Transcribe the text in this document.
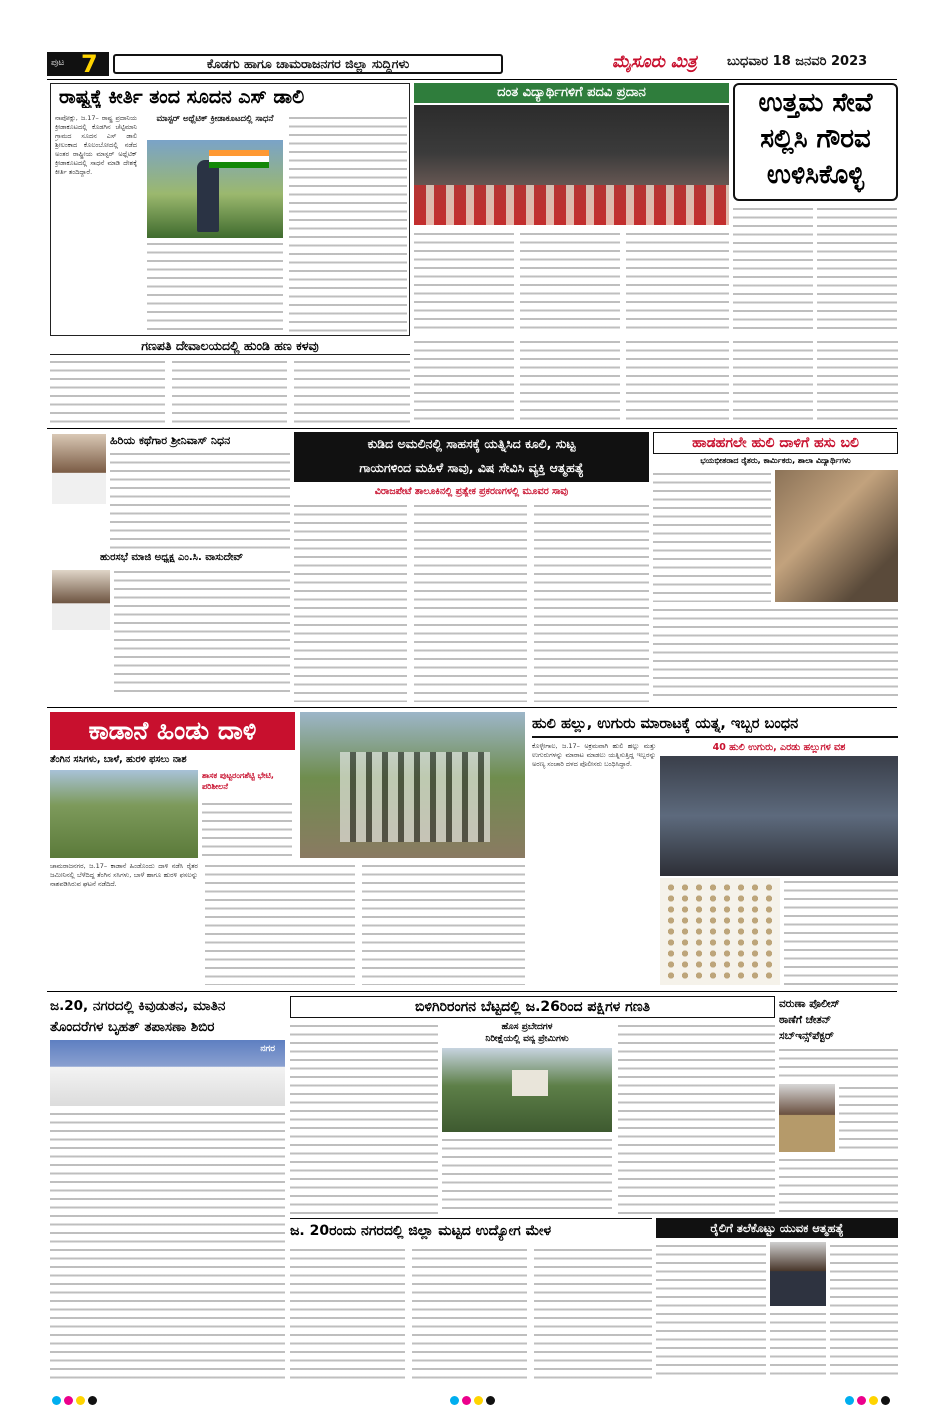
ಪುಟ 7	ಕೊಡಗು ಹಾಗೂ ಚಾಮರಾಜನಗರ ಜಿಲ್ಲಾ ಸುದ್ದಿಗಳು	ಮೈಸೂರು ಮಿತ್ರ ಬುಧವಾರ 18 ಜನವರಿ 2023
ರಾಷ್ಟ್ರಕ್ಕೆ ಕೀರ್ತಿ ತಂದ ಸೂದನ ಎಸ್ ಡಾಲಿ
ನಾಪೋಕ್ಲು, ಜ.17– ರಾಷ್ಟ್ರ ಪ್ರದಾನಿಯ ಕ್ರೀಡಾಕೂಟದಲ್ಲಿ ಕೊಡಗಿನ ಚೆಟ್ಟಿಮಾನಿ ಗ್ರಾಮದ ಸೂದನ ಎಸ್ ಡಾಲಿ ಶ್ರೀಲಂಕಾದ ಕೊಲಂಬೋದಲ್ಲಿ ನಡೆದ ಅಂತರ ರಾಷ್ಟ್ರೀಯ ಮಾಸ್ಟರ್ ಅಥ್ಲೆಟಿಕ್ ಕ್ರೀಡಾಕೂಟದಲ್ಲಿ ಸಾಧನೆ ಮಾಡಿ ದೇಶಕ್ಕೆ ಕೀರ್ತಿ ತಂದಿದ್ದಾರೆ.
ಮಾಸ್ಟರ್ ಅಥ್ಲೆಟಿಕ್ ಕ್ರೀಡಾಕೂಟದಲ್ಲಿ ಸಾಧನೆ
ದಂತ ವಿದ್ಯಾರ್ಥಿಗಳಿಗೆ ಪದವಿ ಪ್ರದಾನ	ಉತ್ತಮ ಸೇವೆ
ಸಲ್ಲಿಸಿ ಗೌರವ
ಉಳಿಸಿಕೊಳ್ಳಿ
ಗಣಪತಿ ದೇವಾಲಯದಲ್ಲಿ ಹುಂಡಿ ಹಣ ಕಳವು
ಹಿರಿಯ ಕಥೆಗಾರ ಶ್ರೀನಿವಾಸ್ ನಿಧನ
ಹುರಸಭೆ ಮಾಜಿ ಅಧ್ಯಕ್ಷ ಎಂ.ಸಿ. ವಾಸುದೇವ್
ಕುಡಿದ ಅಮಲಿನಲ್ಲಿ ಸಾಹಸಕ್ಕೆ ಯತ್ನಿಸಿದ ಕೂಲಿ, ಸುಟ್ಟ
ಗಾಯಗಳಿಂದ ಮಹಿಳೆ ಸಾವು, ವಿಷ ಸೇವಿಸಿ ವ್ಯಕ್ತಿ ಆತ್ಮಹತ್ಯೆ
ವಿರಾಜಪೇಟೆ ತಾಲೂಕಿನಲ್ಲಿ ಪ್ರತ್ಯೇಕ ಪ್ರಕರಣಗಳಲ್ಲಿ ಮೂವರ ಸಾವು
ಹಾಡಹಗಲೇ ಹುಲಿ ದಾಳಿಗೆ ಹಸು ಬಲಿ
ಭಯಭೀತರಾದ ರೈತರು, ಕಾರ್ಮಿಕರು, ಶಾಲಾ ವಿದ್ಯಾರ್ಥಿಗಳು
ಕಾಡಾನೆ ಹಿಂಡು ದಾಳಿ
ತೆಂಗಿನ ಸಸಿಗಳು, ಬಾಳೆ, ಹುರಳಿ ಫಸಲು ನಾಶ
ಶಾಸಕ ಪುಟ್ಟರಂಗಶೆಟ್ಟಿ ಭೇಟಿ, ಪರಿಶೀಲನೆ
ಚಾಮರಾಜನಗರ, ಜ.17– ಕಾಡಾನೆ ಹಿಂಡೊಂದು ದಾಳಿ ನಡೆಸಿ ರೈತರ ಜಮೀನಿನಲ್ಲಿ ಬೆಳೆದಿದ್ದ ತೆಂಗಿನ ಸಸಿಗಳು, ಬಾಳೆ ಹಾಗೂ ಹುರಳಿ ಫಸಲನ್ನು ನಾಶಪಡಿಸಿರುವ ಘಟನೆ ನಡೆದಿದೆ.
ಹುಲಿ ಹಲ್ಲು, ಉಗುರು ಮಾರಾಟಕ್ಕೆ ಯತ್ನ, ಇಬ್ಬರ ಬಂಧನ
ಕೊಳ್ಳೇಗಾಲ, ಜ.17– ಅಕ್ರಮವಾಗಿ ಹುಲಿ ಹಲ್ಲು ಮತ್ತು ಉಗುರುಗಳನ್ನು ಮಾರಾಟ ಮಾಡಲು ಯತ್ನಿಸುತ್ತಿದ್ದ ಇಬ್ಬರನ್ನು ಅರಣ್ಯ ಸಂಚಾರಿ ದಳದ ಪೊಲೀಸರು ಬಂಧಿಸಿದ್ದಾರೆ.
40 ಹುಲಿ ಉಗುರು, ಎರಡು ಹಲ್ಲುಗಳ ವಶ
ಜ.20, ನಗರದಲ್ಲಿ ಕಿವುಡುತನ, ಮಾತಿನ
ತೊಂದರೆಗಳ ಬೃಹತ್ ತಪಾಸಣಾ ಶಿಬಿರ
ನಗರ
ಬಿಳಿಗಿರಿರಂಗನ ಬೆಟ್ಟದಲ್ಲಿ ಜ.26ರಿಂದ ಪಕ್ಷಿಗಳ ಗಣತಿ
ಹೊಸ ಪ್ರಬೇದಗಳ
ನಿರೀಕ್ಷೆಯಲ್ಲಿ ವನ್ಯ ಪ್ರೇಮಿಗಳು
ವರುಣಾ ಪೊಲೀಸ್
ಠಾಣೆಗೆ ಚೇತನ್
ಸಬ್‌ಇನ್ಸ್‌ಪೆಕ್ಟರ್
ಜ. 20ರಂದು ನಗರದಲ್ಲಿ ಜಿಲ್ಲಾ ಮಟ್ಟದ ಉದ್ಯೋಗ ಮೇಳ	ರೈಲಿಗೆ ತಲೆಕೊಟ್ಟು ಯುವಕ ಆತ್ಮಹತ್ಯೆ
